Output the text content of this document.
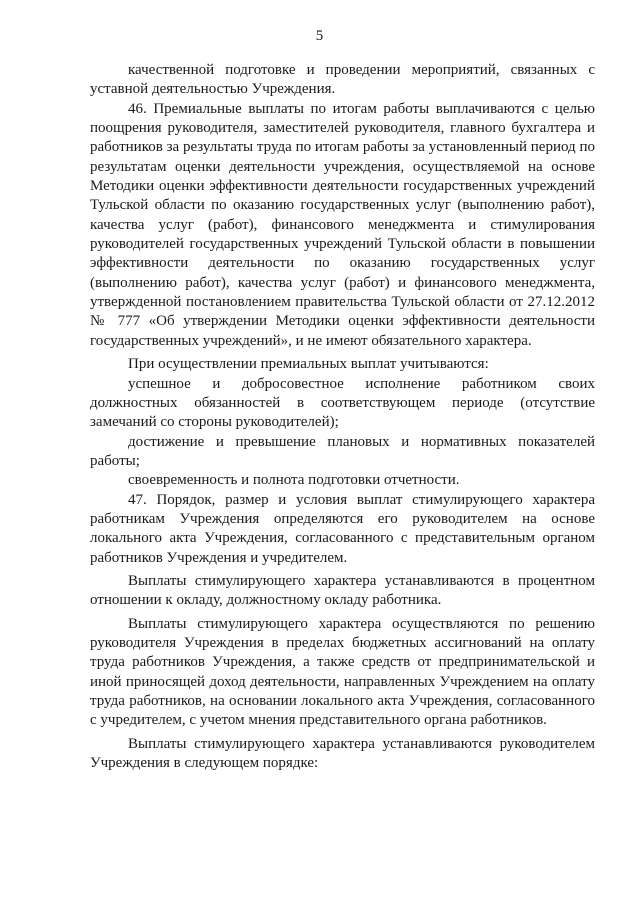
5

качественной подготовке и проведении мероприятий, связанных с уставной деятельностью Учреждения.

46. Премиальные выплаты по итогам работы выплачиваются с целью поощрения руководителя, заместителей руководителя, главного бухгалтера и работников за результаты труда по итогам работы за установленный период по результатам оценки деятельности учреждения, осуществляемой на основе Методики оценки эффективности деятельности государственных учреждений Тульской области по оказанию государственных услуг (выполнению работ), качества услуг (работ), финансового менеджмента и стимулирования руководителей государственных учреждений Тульской области в повышении эффективности деятельности по оказанию государственных услуг (выполнению работ), качества услуг (работ) и финансового менеджмента, утвержденной постановлением правительства Тульской области от 27.12.2012 № 777 «Об утверждении Методики оценки эффективности деятельности государственных учреждений», и не имеют обязательного характера.

При осуществлении премиальных выплат учитываются:

успешное и добросовестное исполнение работником своих должностных обязанностей в соответствующем периоде (отсутствие замечаний со стороны руководителей);

достижение и превышение плановых и нормативных показателей работы;

своевременность и полнота подготовки отчетности.

47. Порядок, размер и условия выплат стимулирующего характера работникам Учреждения определяются его руководителем на основе локального акта Учреждения, согласованного с представительным органом работников Учреждения и учредителем.

Выплаты стимулирующего характера устанавливаются в процентном отношении к окладу, должностному окладу работника.

Выплаты стимулирующего характера осуществляются по решению руководителя Учреждения в пределах бюджетных ассигнований на оплату труда работников Учреждения, а также средств от предпринимательской и иной приносящей доход деятельности, направленных Учреждением на оплату труда работников, на основании локального акта Учреждения, согласованного с учредителем, с учетом мнения представительного органа работников.

Выплаты стимулирующего характера устанавливаются руководителем Учреждения в следующем порядке:
